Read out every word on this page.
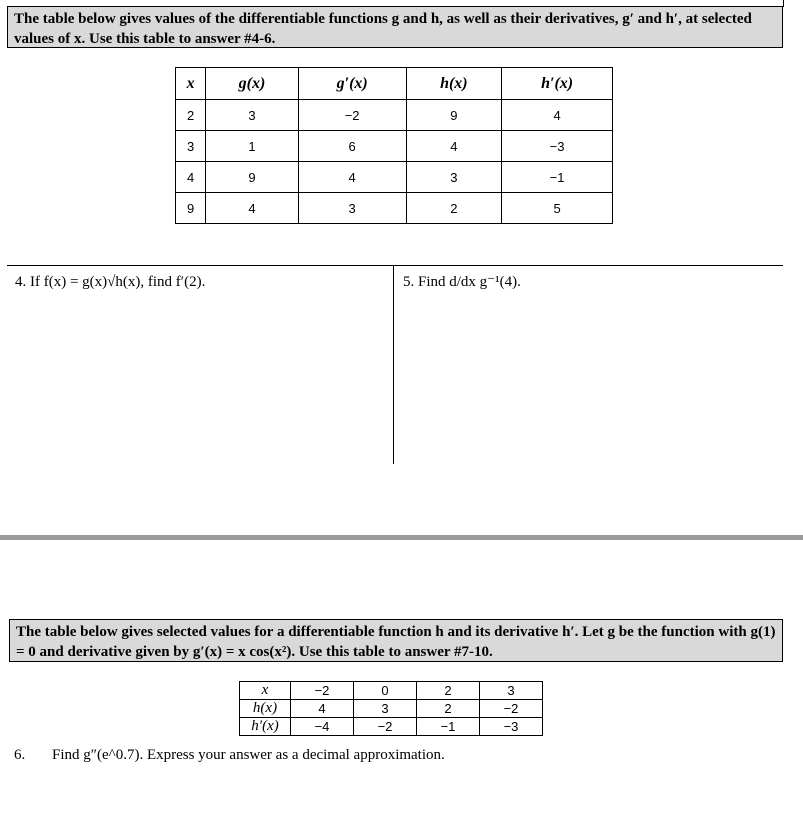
The table below gives values of the differentiable functions g and h, as well as their derivatives, g′ and h′, at selected values of x. Use this table to answer #4-6.
x	g(x)	g′(x)	h(x)	h′(x)
2	3	−2	9	4
3	1	6	4	−3
4	9	4	3	−1
9	4	3	2	5
4. If f(x) = g(x)√h(x), find f′(2).	5. Find d/dx g⁻¹(4).
The table below gives selected values for a differentiable function h and its derivative h′. Let g be the function with g(1) = 0 and derivative given by g′(x) = x cos(x²). Use this table to answer #7-10.
x	−2	0	2	3
h(x)	4	3	2	−2
h′(x)	−4	−2	−1	−3
6. Find g″(e^0.7). Express your answer as a decimal approximation.
